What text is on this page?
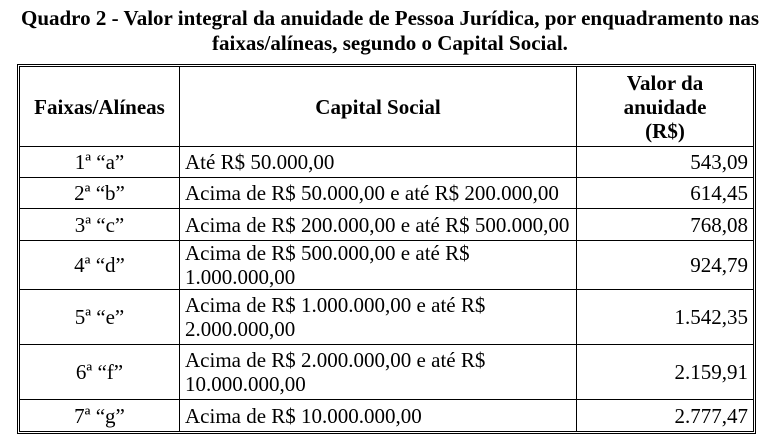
Quadro 2 - Valor integral da anuidade de Pessoa Jurídica, por enquadramento nas
faixas/alíneas, segundo o Capital Social.
Faixas/Alíneas	Capital Social	Valor da
anuidade
(R$)

1ª “a”	Até R$ 50.000,00	543,09
2ª “b”	Acima de R$ 50.000,00 e até R$ 200.000,00	614,45
3ª “c”	Acima de R$ 200.000,00 e até R$ 500.000,00	768,08
4ª “d”	Acima de R$ 500.000,00 e até R$ 1.000.000,00	924,79
5ª “e”	Acima de R$ 1.000.000,00 e até R$
2.000.000,00	1.542,35
6ª “f”	Acima de R$ 2.000.000,00 e até R$
10.000.000,00	2.159,91
7ª “g”	Acima de R$ 10.000.000,00	2.777,47
